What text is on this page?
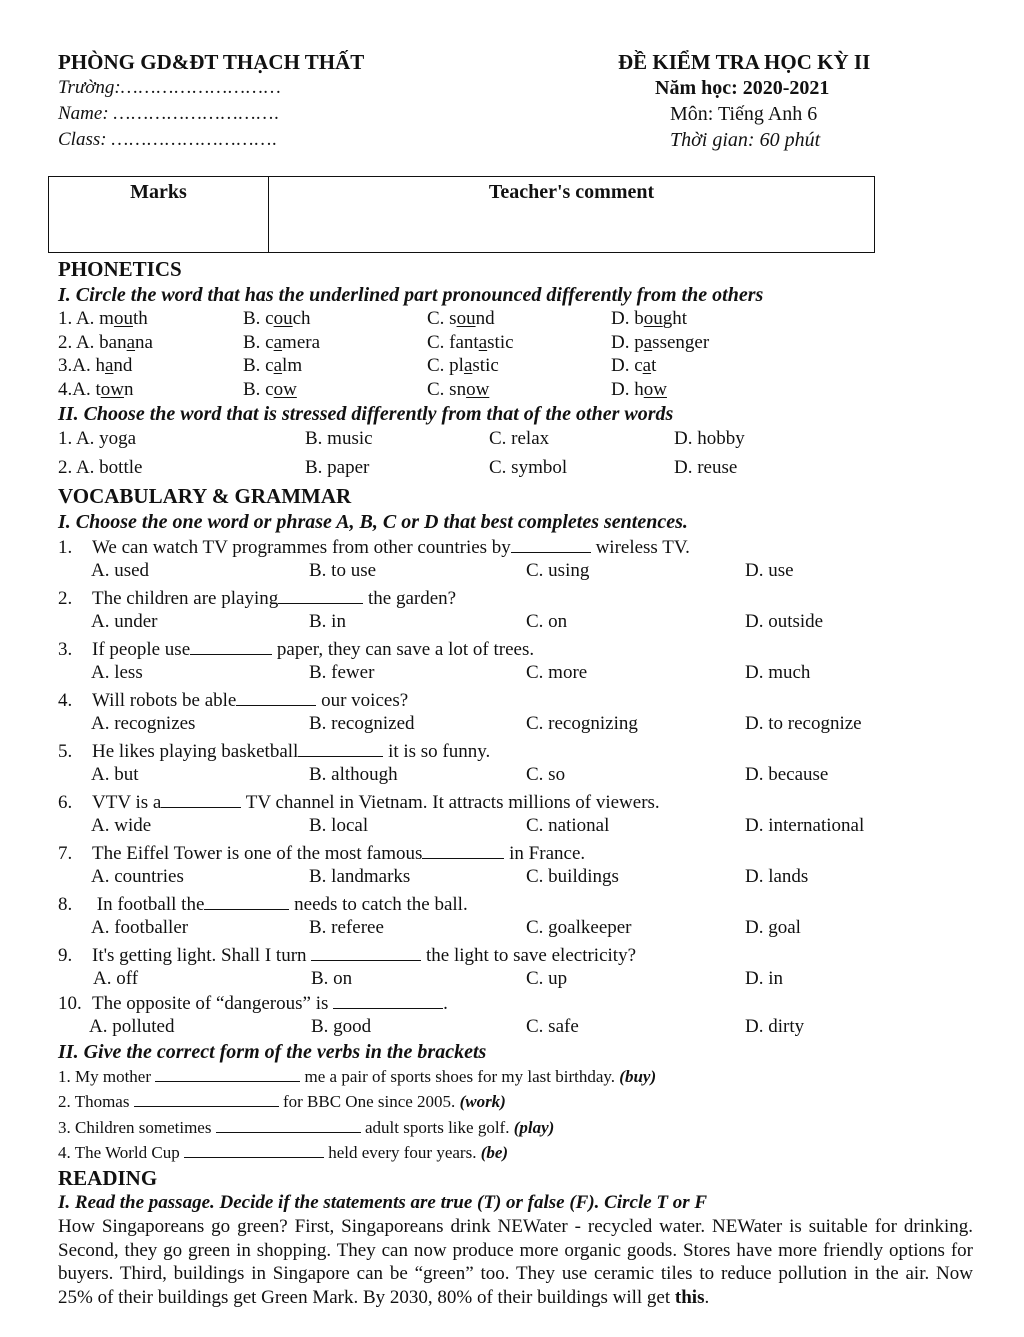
PHÒNG GD&ĐT THẠCH THẤT
Trường:………………………
Name: ……………………….
Class: ……………………….
ĐỀ KIỂM TRA HỌC KỲ II
Năm học: 2020-2021
Môn: Tiếng Anh 6
Thời gian: 60 phút
Marks	Teacher's comment
PHONETICS
I. Circle the word that has the underlined part pronounced differently from the others
1. A. mouth	B. couch	C. sound	D. bought
2. A. banana	B. camera	C. fantastic	D. passenger
3.A. hand	B. calm	C. plastic	D. cat
4.A. town	B. cow	C. snow	D. how
II. Choose the word that is stressed differently from that of the other words
1. A. yoga	B. music	C. relax	D. hobby
2. A. bottle	B. paper	C. symbol	D. reuse
VOCABULARY & GRAMMAR
I. Choose the one word or phrase A, B, C or D that best completes sentences.
1. We can watch TV programmes from other countries by	wireless TV.
A. used	B. to use	C. using	D. use
2. The children are playing	the garden?
A. under	B. in	C. on	D. outside
3. If people use	paper, they can save a lot of trees.
A. less	B. fewer	C. more	D. much
4. Will robots be able	our voices?
A. recognizes	B. recognized	C. recognizing	D. to recognize
5. He likes playing basketball	it is so funny.
A. but	B. although	C. so	D. because
6. VTV is a	TV channel in Vietnam. It attracts millions of viewers.
A. wide	B. local	C. national	D. international
7. The Eiffel Tower is one of the most famous	in France.
A. countries	B. landmarks	C. buildings	D. lands
8. In football the	needs to catch the ball.
A. footballer	B. referee	C. goalkeeper	D. goal
9. It's getting light. Shall I turn	the light to save electricity?
A. off	B. on	C. up	D. in
10. The opposite of “dangerous” is	.
A. polluted	B. good	C. safe	D. dirty
II. Give the correct form of the verbs in the brackets
1. My mother	me a pair of sports shoes for my last birthday. (buy)
2. Thomas	for BBC One since 2005. (work)
3. Children sometimes	adult sports like golf. (play)
4. The World Cup	held every four years. (be)
READING
I. Read the passage. Decide if the statements are true (T) or false (F). Circle T or F
How Singaporeans go green? First, Singaporeans drink NEWater - recycled water. NEWater is suitable for drinking. Second, they go green in shopping. They can now produce more organic goods. Stores have more friendly options for buyers. Third, buildings in Singapore can be “green” too. They use ceramic tiles to reduce pollution in the air. Now 25% of their buildings get Green Mark. By 2030, 80% of their buildings will get this.
